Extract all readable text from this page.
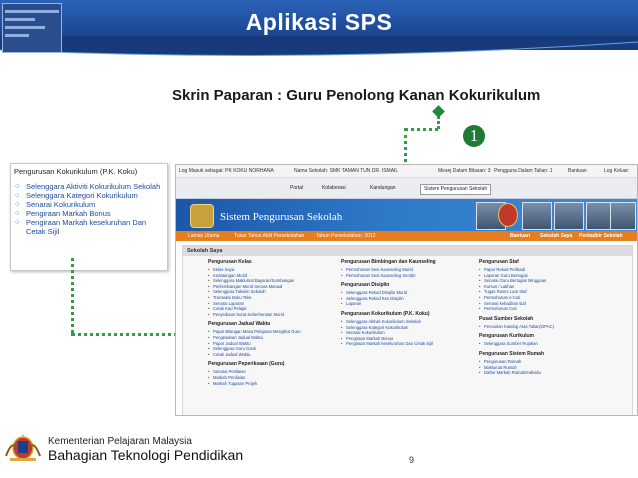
Aplikasi SPS
Skrin Paparan : Guru Penolong Kanan Kokurikulum
1
Pengurusan Kokurikulum (P.K. Koku)
○ Selenggara Aktiviti Kokurikulum Sekolah
○ Selenggara Kategori Kokurikulum
○ Senarai Kokurikulum
○ Pengiraan Markah Bonus
○ Pengiraan Markah keseluruhan Dan Cetak Sijil
Log Masuk sebagai: PK KOKU NORHANA	Nama Sekolah: SMK TAMAN TUN DR. ISMAIL	Mesej Dalam Bilasan: 3 Pengguna Dalam Talian: 1	Bantuan	Log Keluar
Portal	Kolaborasi	Kandungan	Sistem Pengurusan Sekolah
Sistem Pengurusan Sekolah
Laman Utama	Tukar Tahun Aktif Persekolahan Tahun Persekolahan: 2012	Bantuan Sekolah Saya Pentadbir Sekolah
Sekolah Saya
Pengurusan Kelas
• Kelas Saya
• Kedatangan Murid
• Selenggara Maklumat Bayaran/Sumbangan
• Perkembangan Murid Secara Manual
• Selenggara Takwim Sekolah
• Transaksi Buku Teks
• Senarai Laporan
• Cetak Kad Pelajar
• Penyediaan Surat Keberhentian Murid
Pengurusan Jadual Waktu
• Papar Bilangan Masa Pelajaran Mengikut Guru
• Pengesahan Jadual Waktu
• Papar Jadual Waktu
• Selenggara Guru Ganti
• Cetak Jadual Waktu
Pengurusan Peperiksaan (Guru)
• Senarai Penilaian
• Markah Penilaian
• Markah Tugasan Projek
Pengurusan Bimbingan dan Kaunseling
• Permohonan Sesi Kaunseling Murid
• Permohonan Sesi Kaunseling Sendiri
Pengurusan Disiplin
• Selenggara Rekod Disiplin Murid
• Selenggara Rekod Kes Disiplin
• Laporan
Pengurusan Kokurikulum (P.K. Koku)
• Selenggara Aktiviti Kokurikulum Sekolah
• Selenggara Kategori Kokurikulum
• Senarai Kokurikulum
• Pengiraan Markah Bonus
• Pengiraan Markah keseluruhan Dan Cetak Sijil
Pengurusan Staf
• Papar Rekod Peribadi
• Laporan Guru Bertugas
• Senarai Guru Bertugas Mingguan
• Kursus / Latihan
• Tugas Rasmi Luar Staf
• Permohonan e-Cuti
• Senarai kehadiran staf
• Permohonan Cuti
Pusat Sumber Sekolah
• Pencarian Katalog Atas Talian(OPAC)
Pengurusan Kurikulum
• Selenggara Sumber Rujukan
Pengurusan Sistem Rumah
• Pengurusan Rumah
• Maklumat Rumah
• Daftar Markah Rumah/Individu
Kementerian Pelajaran Malaysia
Bahagian Teknologi Pendidikan	9
